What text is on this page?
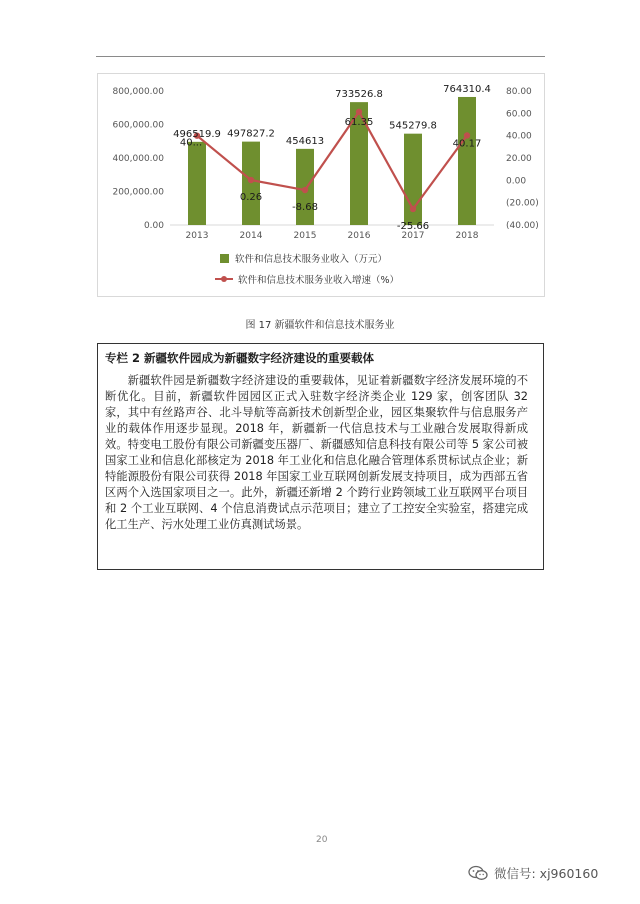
0.00
200,000.00
400,000.00
600,000.00
800,000.00
(40.00)
(20.00)
0.00
20.00
40.00
60.00
80.00
2013	2014	2015	2016	2017	2018
496519.9 497827.2
454613
733526.8
545279.8
764310.4
40...
0.26
-8.68
61.35
-25.66
40.17
软件和信息技术服务业收入（万元）
软件和信息技术服务业收入增速（%）
图 17 新疆软件和信息技术服务业
专栏 2 新疆软件园成为新疆数字经济建设的重要载体

新疆软件园是新疆数字经济建设的重要载体，见证着新疆数字经济发展环境的不断优化。目前，新疆软件园园区正式入驻数字经济类企业 129 家，创客团队 32 家，其中有丝路声谷、北斗导航等高新技术创新型企业，园区集聚软件与信息服务产业的载体作用逐步显现。2018 年，新疆新一代信息技术与工业融合发展取得新成效。特变电工股份有限公司新疆变压器厂、新疆感知信息科技有限公司等 5 家公司被国家工业和信息化部核定为 2018 年工业化和信息化融合管理体系贯标试点企业；新特能源股份有限公司获得 2018 年国家工业互联网创新发展支持项目，成为西部五省区两个入选国家项目之一。此外，新疆还新增 2 个跨行业跨领域工业互联网平台项目和 2 个工业互联网、4 个信息消费试点示范项目；建立了工控安全实验室，搭建完成化工生产、污水处理工业仿真测试场景。

20
微信号: xj960160
